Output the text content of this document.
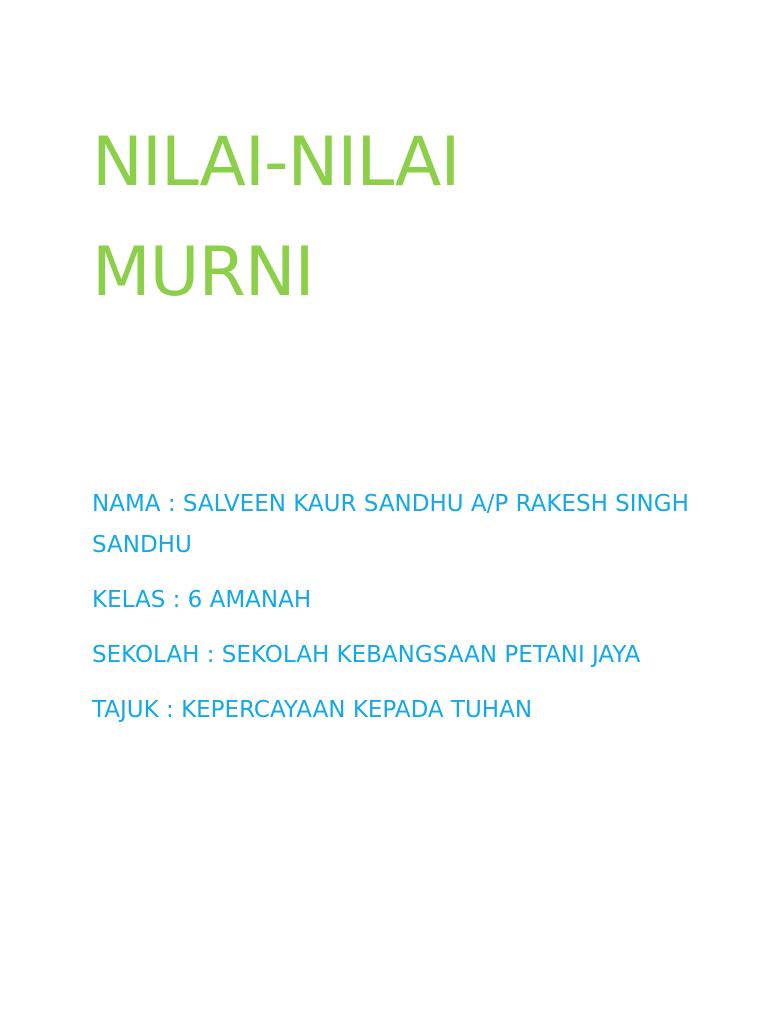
NILAI-NILAI
MURNI

NAMA : SALVEEN KAUR SANDHU A/P RAKESH SINGH SANDHU

KELAS : 6 AMANAH

SEKOLAH : SEKOLAH KEBANGSAAN PETANI JAYA

TAJUK : KEPERCAYAAN KEPADA TUHAN
